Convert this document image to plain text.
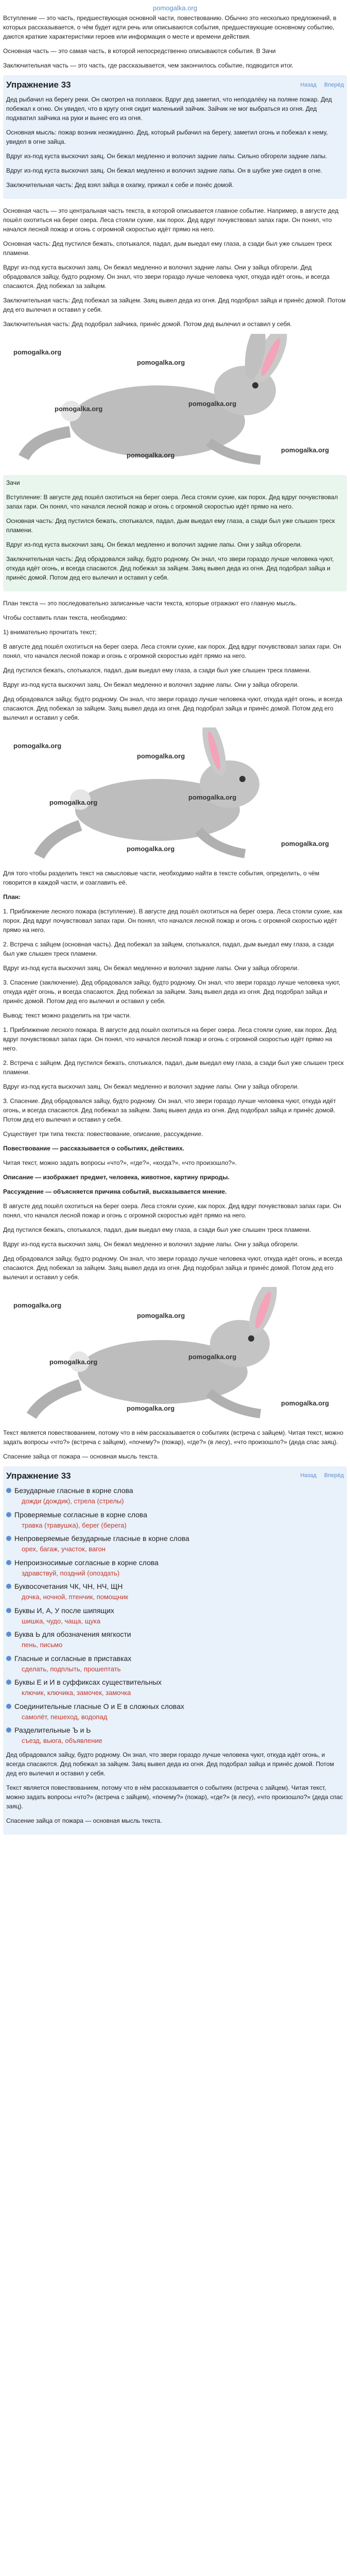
pomogalka.org

Вступление — это часть, предшествующая основной части, повествованию. Обычно это несколько предложений, в которых рассказывается, о чём будет идти речь или описываются события, предшествующие основному событию, даются краткие характеристики героев или информация о месте и времени действия.

Основная часть — это самая часть, в которой непосредственно описываются события. В Зачи

Заключительная часть — это часть, где рассказывается, чем закончилось событие, подводится итог.

Упражнение 33	Назад Вперёд

Дед рыбачил на берегу реки. Он смотрел на поплавок. Вдруг дед заметил, что неподалёку на поляне пожар. Дед побежал к огню. Он увидел, что в кругу огня сидит маленький зайчик. Зайчик не мог выбраться из огня. Дед подхватил зайчика на руки и вынес его из огня.

Основная мысль: пожар возник неожиданно. Дед, который рыбачил на берегу, заметил огонь и побежал к нему, увидел в огне зайца.

Вдруг из-под куста выскочил заяц. Он бежал медленно и волочил задние лапы. Сильно обгорели задние лапы.

Вдруг из-под куста выскочил заяц. Он бежал медленно и волочил задние лапы. Он в шубке уже сидел в огне.

Заключительная часть: Дед взял зайца в охапку, прижал к себе и понёс домой.

Основная часть — это центральная часть текста, в которой описывается главное событие. Например, в августе дед пошёл охотиться на берег озера. Леса стояли сухие, как порох. Дед вдруг почувствовал запах гари. Он понял, что начался лесной пожар и огонь с огромной скоростью идёт прямо на него.

Основная часть: Дед пустился бежать, спотыкался, падал, дым выедал ему глаза, а сзади был уже слышен треск пламени.

Вдруг из-под куста выскочил заяц. Он бежал медленно и волочил задние лапы. Они у зайца обгорели. Дед обрадовался зайцу, будто родному. Он знал, что звери гораздо лучше человека чуют, откуда идёт огонь, и всегда спасаются. Дед побежал за зайцем.

Заключительная часть: Дед побежал за зайцем. Заяц вывел деда из огня. Дед подобрал зайца и принёс домой. Потом дед его вылечил и оставил у себя.

Заключительная часть: Дед подобрал зайчика, принёс домой. Потом дед вылечил и оставил у себя.

pomogalka.org
pomogalka.org
pomogalka.org
pomogalka.org
pomogalka.org
pomogalka.org

Зачи

Вступление: В августе дед пошёл охотиться на берег озера. Леса стояли сухие, как порох. Дед вдруг почувствовал запах гари. Он понял, что начался лесной пожар и огонь с огромной скоростью идёт прямо на него.

Основная часть: Дед пустился бежать, спотыкался, падал, дым выедал ему глаза, а сзади был уже слышен треск пламени.

Вдруг из-под куста выскочил заяц. Он бежал медленно и волочил задние лапы. Они у зайца обгорели.

Заключительная часть: Дед обрадовался зайцу, будто родному. Он знал, что звери гораздо лучше человека чуют, откуда идёт огонь, и всегда спасаются. Дед побежал за зайцем. Заяц вывел деда из огня. Дед подобрал зайца и принёс домой. Потом дед его вылечил и оставил у себя.

План текста — это последовательно записанные части текста, которые отражают его главную мысль.

Чтобы составить план текста, необходимо:

1) внимательно прочитать текст;

В августе дед пошёл охотиться на берег озера. Леса стояли сухие, как порох. Дед вдруг почувствовал запах гари. Он понял, что начался лесной пожар и огонь с огромной скоростью идёт прямо на него.

Дед пустился бежать, спотыкался, падал, дым выедал ему глаза, а сзади был уже слышен треск пламени.

Вдруг из-под куста выскочил заяц. Он бежал медленно и волочил задние лапы. Они у зайца обгорели.

Дед обрадовался зайцу, будто родному. Он знал, что звери гораздо лучше человека чуют, откуда идёт огонь, и всегда спасаются. Дед побежал за зайцем. Заяц вывел деда из огня. Дед подобрал зайца и принёс домой. Потом дед его вылечил и оставил у себя.

pomogalka.org
pomogalka.org
pomogalka.org
pomogalka.org
pomogalka.org
pomogalka.org

Для того чтобы разделить текст на смысловые части, необходимо найти в тексте события, определить, о чём говорится в каждой части, и озаглавить её.

План:

1. Приближение лесного пожара (вступление). В августе дед пошёл охотиться на берег озера. Леса стояли сухие, как порох. Дед вдруг почувствовал запах гари. Он понял, что начался лесной пожар и огонь с огромной скоростью идёт прямо на него.

2. Встреча с зайцем (основная часть). Дед побежал за зайцем, спотыкался, падал, дым выедал ему глаза, а сзади был уже слышен треск пламени.

Вдруг из-под куста выскочил заяц. Он бежал медленно и волочил задние лапы. Они у зайца обгорели.

3. Спасение (заключение). Дед обрадовался зайцу, будто родному. Он знал, что звери гораздо лучше человека чуют, откуда идёт огонь, и всегда спасаются. Дед побежал за зайцем. Заяц вывел деда из огня. Дед подобрал зайца и принёс домой. Потом дед его вылечил и оставил у себя.

Вывод: текст можно разделить на три части.

1. Приближение лесного пожара. В августе дед пошёл охотиться на берег озера. Леса стояли сухие, как порох. Дед вдруг почувствовал запах гари. Он понял, что начался лесной пожар и огонь с огромной скоростью идёт прямо на него.

2. Встреча с зайцем. Дед пустился бежать, спотыкался, падал, дым выедал ему глаза, а сзади был уже слышен треск пламени.

Вдруг из-под куста выскочил заяц. Он бежал медленно и волочил задние лапы. Они у зайца обгорели.

3. Спасение. Дед обрадовался зайцу, будто родному. Он знал, что звери гораздо лучше человека чуют, откуда идёт огонь, и всегда спасаются. Дед побежал за зайцем. Заяц вывел деда из огня. Дед подобрал зайца и принёс домой. Потом дед его вылечил и оставил у себя.

Существует три типа текста: повествование, описание, рассуждение.

Повествование — рассказывается о событиях, действиях.

Читая текст, можно задать вопросы «что?», «где?», «когда?», «что произошло?».

Описание — изображает предмет, человека, животное, картину природы.

Рассуждение — объясняется причина событий, высказывается мнение.

В августе дед пошёл охотиться на берег озера. Леса стояли сухие, как порох. Дед вдруг почувствовал запах гари. Он понял, что начался лесной пожар и огонь с огромной скоростью идёт прямо на него.

Дед пустился бежать, спотыкался, падал, дым выедал ему глаза, а сзади был уже слышен треск пламени.

Вдруг из-под куста выскочил заяц. Он бежал медленно и волочил задние лапы. Они у зайца обгорели.

Дед обрадовался зайцу, будто родному. Он знал, что звери гораздо лучше человека чуют, откуда идёт огонь, и всегда спасаются. Дед побежал за зайцем. Заяц вывел деда из огня. Дед подобрал зайца и принёс домой. Потом дед его вылечил и оставил у себя.

pomogalka.org
pomogalka.org
pomogalka.org
pomogalka.org
pomogalka.org
pomogalka.org

Текст является повествованием, потому что в нём рассказывается о событиях (встреча с зайцем). Читая текст, можно задать вопросы «что?» (встреча с зайцем), «почему?» (пожар), «где?» (в лесу), «что произошло?» (деда спас заяц).

Спасение зайца от пожара — основная мысль текста.

Упражнение 33	Назад Вперёд
Безударные гласные в корне слова
дожди (дождик), стрела (стрелы)
Проверяемые согласные в корне слова
травка (травушка), берег (берега)
Непроверяемые безударные гласные в корне слова
орех, багаж, участок, вагон
Непроизносимые согласные в корне слова
здравствуй, поздний (опоздать)
Буквосочетания ЧК, ЧН, НЧ, ЩН
дочка, ночной, птенчик, помощник
Буквы И, А, У после шипящих
шишка, чудо, чаща, щука
Буква Ь для обозначения мягкости
пень, письмо
Гласные и согласные в приставках
сделать, подплыть, прошептать
Буквы Е и И в суффиксах существительных
ключик, ключика, замочек, замочка
Соединительные гласные О и Е в сложных словах
самолёт, пешеход, водопад
Разделительные Ъ и Ь
съезд, вьюга, объявление

Дед обрадовался зайцу, будто родному. Он знал, что звери гораздо лучше человека чуют, откуда идёт огонь, и всегда спасаются. Дед побежал за зайцем. Заяц вывел деда из огня. Дед подобрал зайца и принёс домой. Потом дед его вылечил и оставил у себя.

Текст является повествованием, потому что в нём рассказывается о событиях (встреча с зайцем). Читая текст, можно задать вопросы «что?» (встреча с зайцем), «почему?» (пожар), «где?» (в лесу), «что произошло?» (деда спас заяц).

Спасение зайца от пожара — основная мысль текста.
